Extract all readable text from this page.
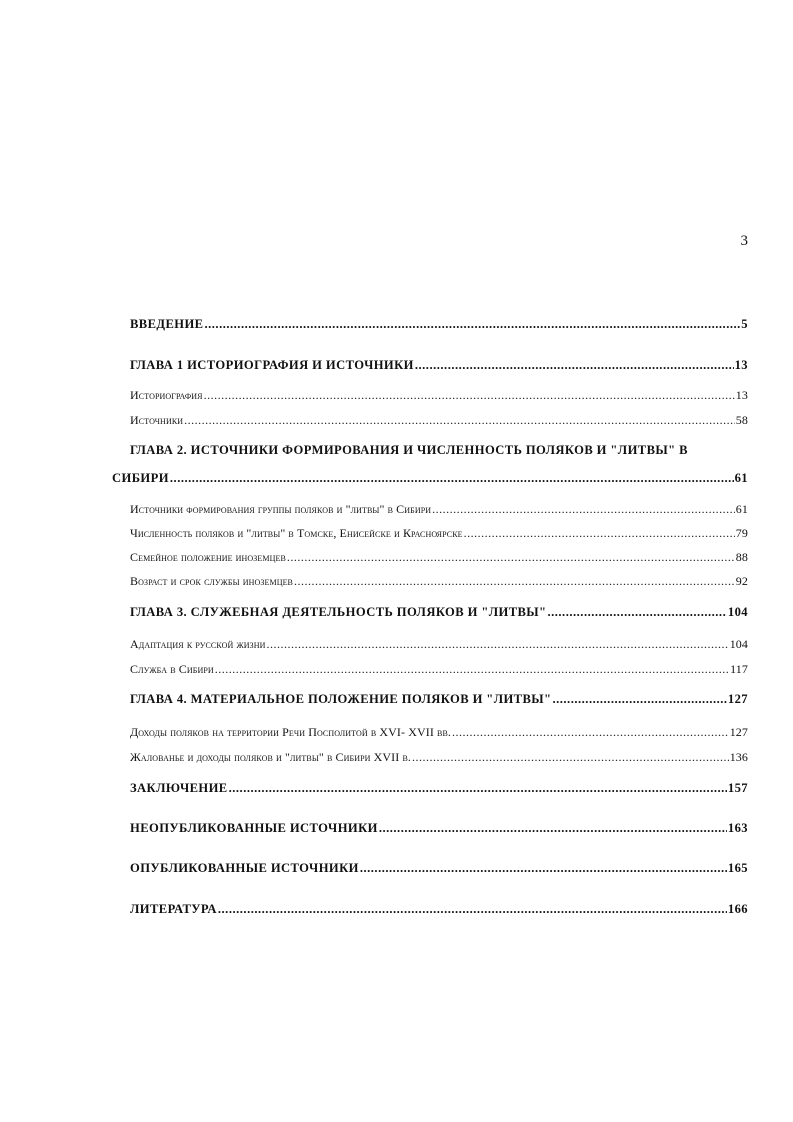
3
ВВЕДЕНИЕ .....	5
ГЛАВА 1 ИСТОРИОГРАФИЯ И ИСТОЧНИКИ .....	13
Историография .....	13
Источники .....	58
ГЛАВА 2. ИСТОЧНИКИ ФОРМИРОВАНИЯ И ЧИСЛЕННОСТЬ ПОЛЯКОВ И "ЛИТВЫ" В
СИБИРИ .....	61
Источники формирования группы поляков и "литвы" в Сибири .....	61
Численность поляков и "литвы" в Томске, Енисейске и Красноярске .....	79
Семейное положение иноземцев .....	88
Возраст и срок службы иноземцев .....	92
ГЛАВА 3. СЛУЖЕБНАЯ ДЕЯТЕЛЬНОСТЬ ПОЛЯКОВ И "ЛИТВЫ" .....	104
Адаптация к русской жизни .....	104
Служба в Сибири .....	117
ГЛАВА 4. МАТЕРИАЛЬНОЕ ПОЛОЖЕНИЕ ПОЛЯКОВ И "ЛИТВЫ" .....	127
Доходы поляков на территории Речи Посполитой в XVI- XVII вв. .....	127
Жалованье и доходы поляков и "литвы" в Сибири XVII в. .....	136
ЗАКЛЮЧЕНИЕ .....	157
НЕОПУБЛИКОВАННЫЕ ИСТОЧНИКИ .....	163
ОПУБЛИКОВАННЫЕ ИСТОЧНИКИ .....	165
ЛИТЕРАТУРА .....	166
